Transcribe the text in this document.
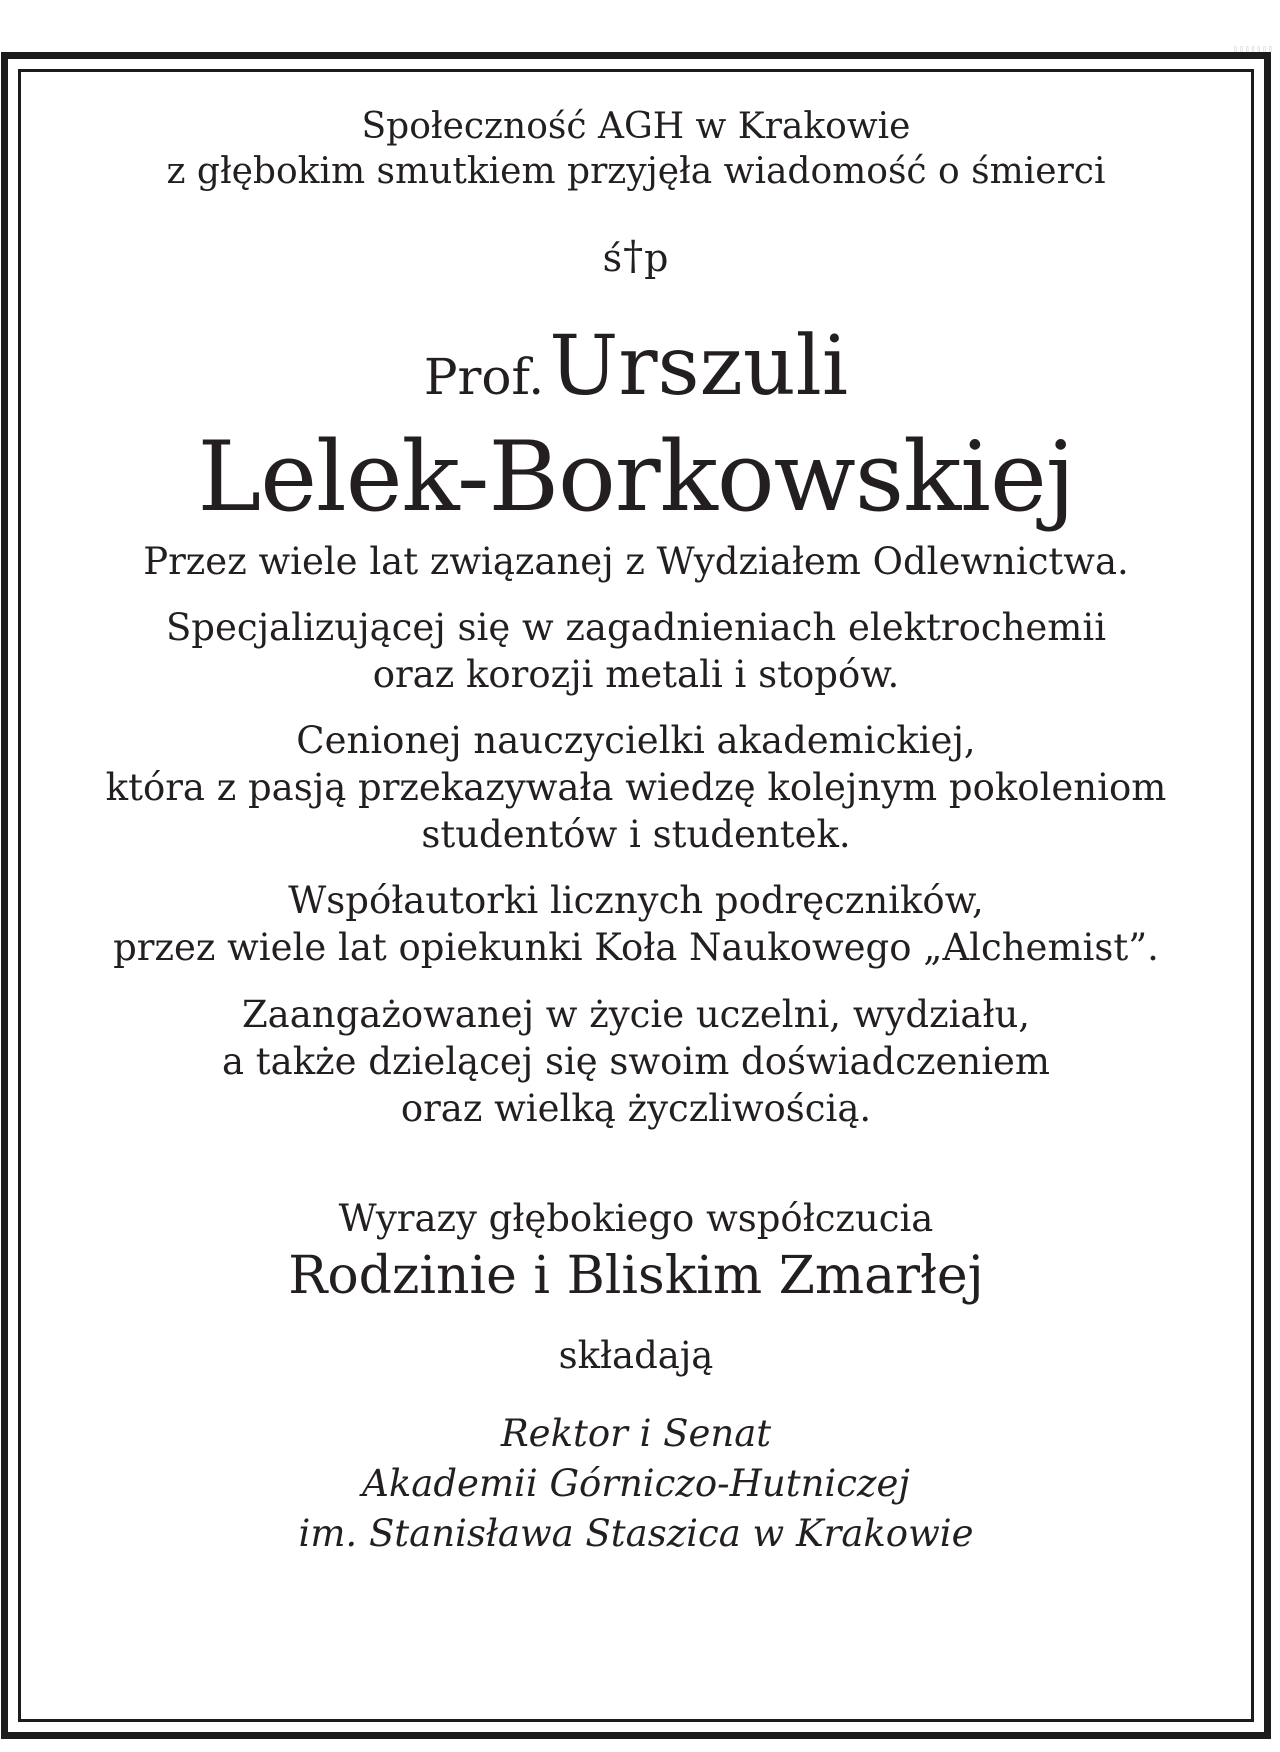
▯▯▯▯▯▯▯
Społeczność AGH w Krakowie
z głębokim smutkiem przyjęła wiadomość o śmierci
ś†p
Prof. Urszuli
Lelek-Borkowskiej
Przez wiele lat związanej z Wydziałem Odlewnictwa.
Specjalizującej się w zagadnieniach elektrochemii
oraz korozji metali i stopów.
Cenionej nauczycielki akademickiej,
która z pasją przekazywała wiedzę kolejnym pokoleniom
studentów i studentek.
Współautorki licznych podręczników,
przez wiele lat opiekunki Koła Naukowego „Alchemist”.
Zaangażowanej w życie uczelni, wydziału,
a także dzielącej się swoim doświadczeniem
oraz wielką życzliwością.
Wyrazy głębokiego współczucia
Rodzinie i Bliskim Zmarłej
składają
Rektor i Senat
Akademii Górniczo-Hutniczej
im. Stanisława Staszica w Krakowie
